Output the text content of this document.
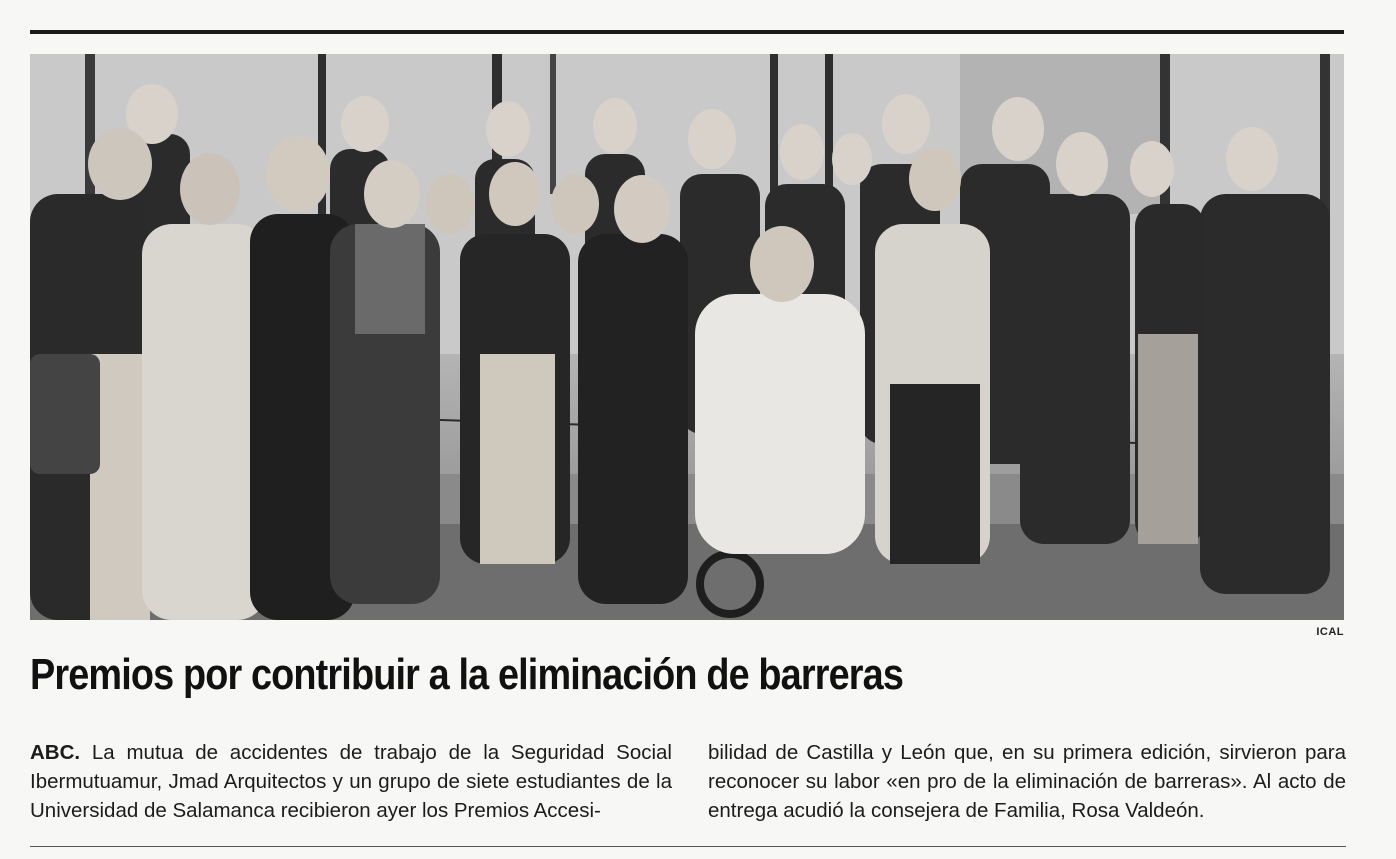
ICAL
Premios por contribuir a la eliminación de barreras

ABC. La mutua de accidentes de trabajo de la Seguridad Social Ibermutuamur, Jmad Arquitectos y un grupo de siete estudiantes de la Universidad de Salamanca recibieron ayer los Premios Accesi-

bilidad de Castilla y León que, en su primera edición, sirvieron para reconocer su labor «en pro de la eliminación de barreras». Al acto de entrega acudió la consejera de Familia, Rosa Valdeón.
